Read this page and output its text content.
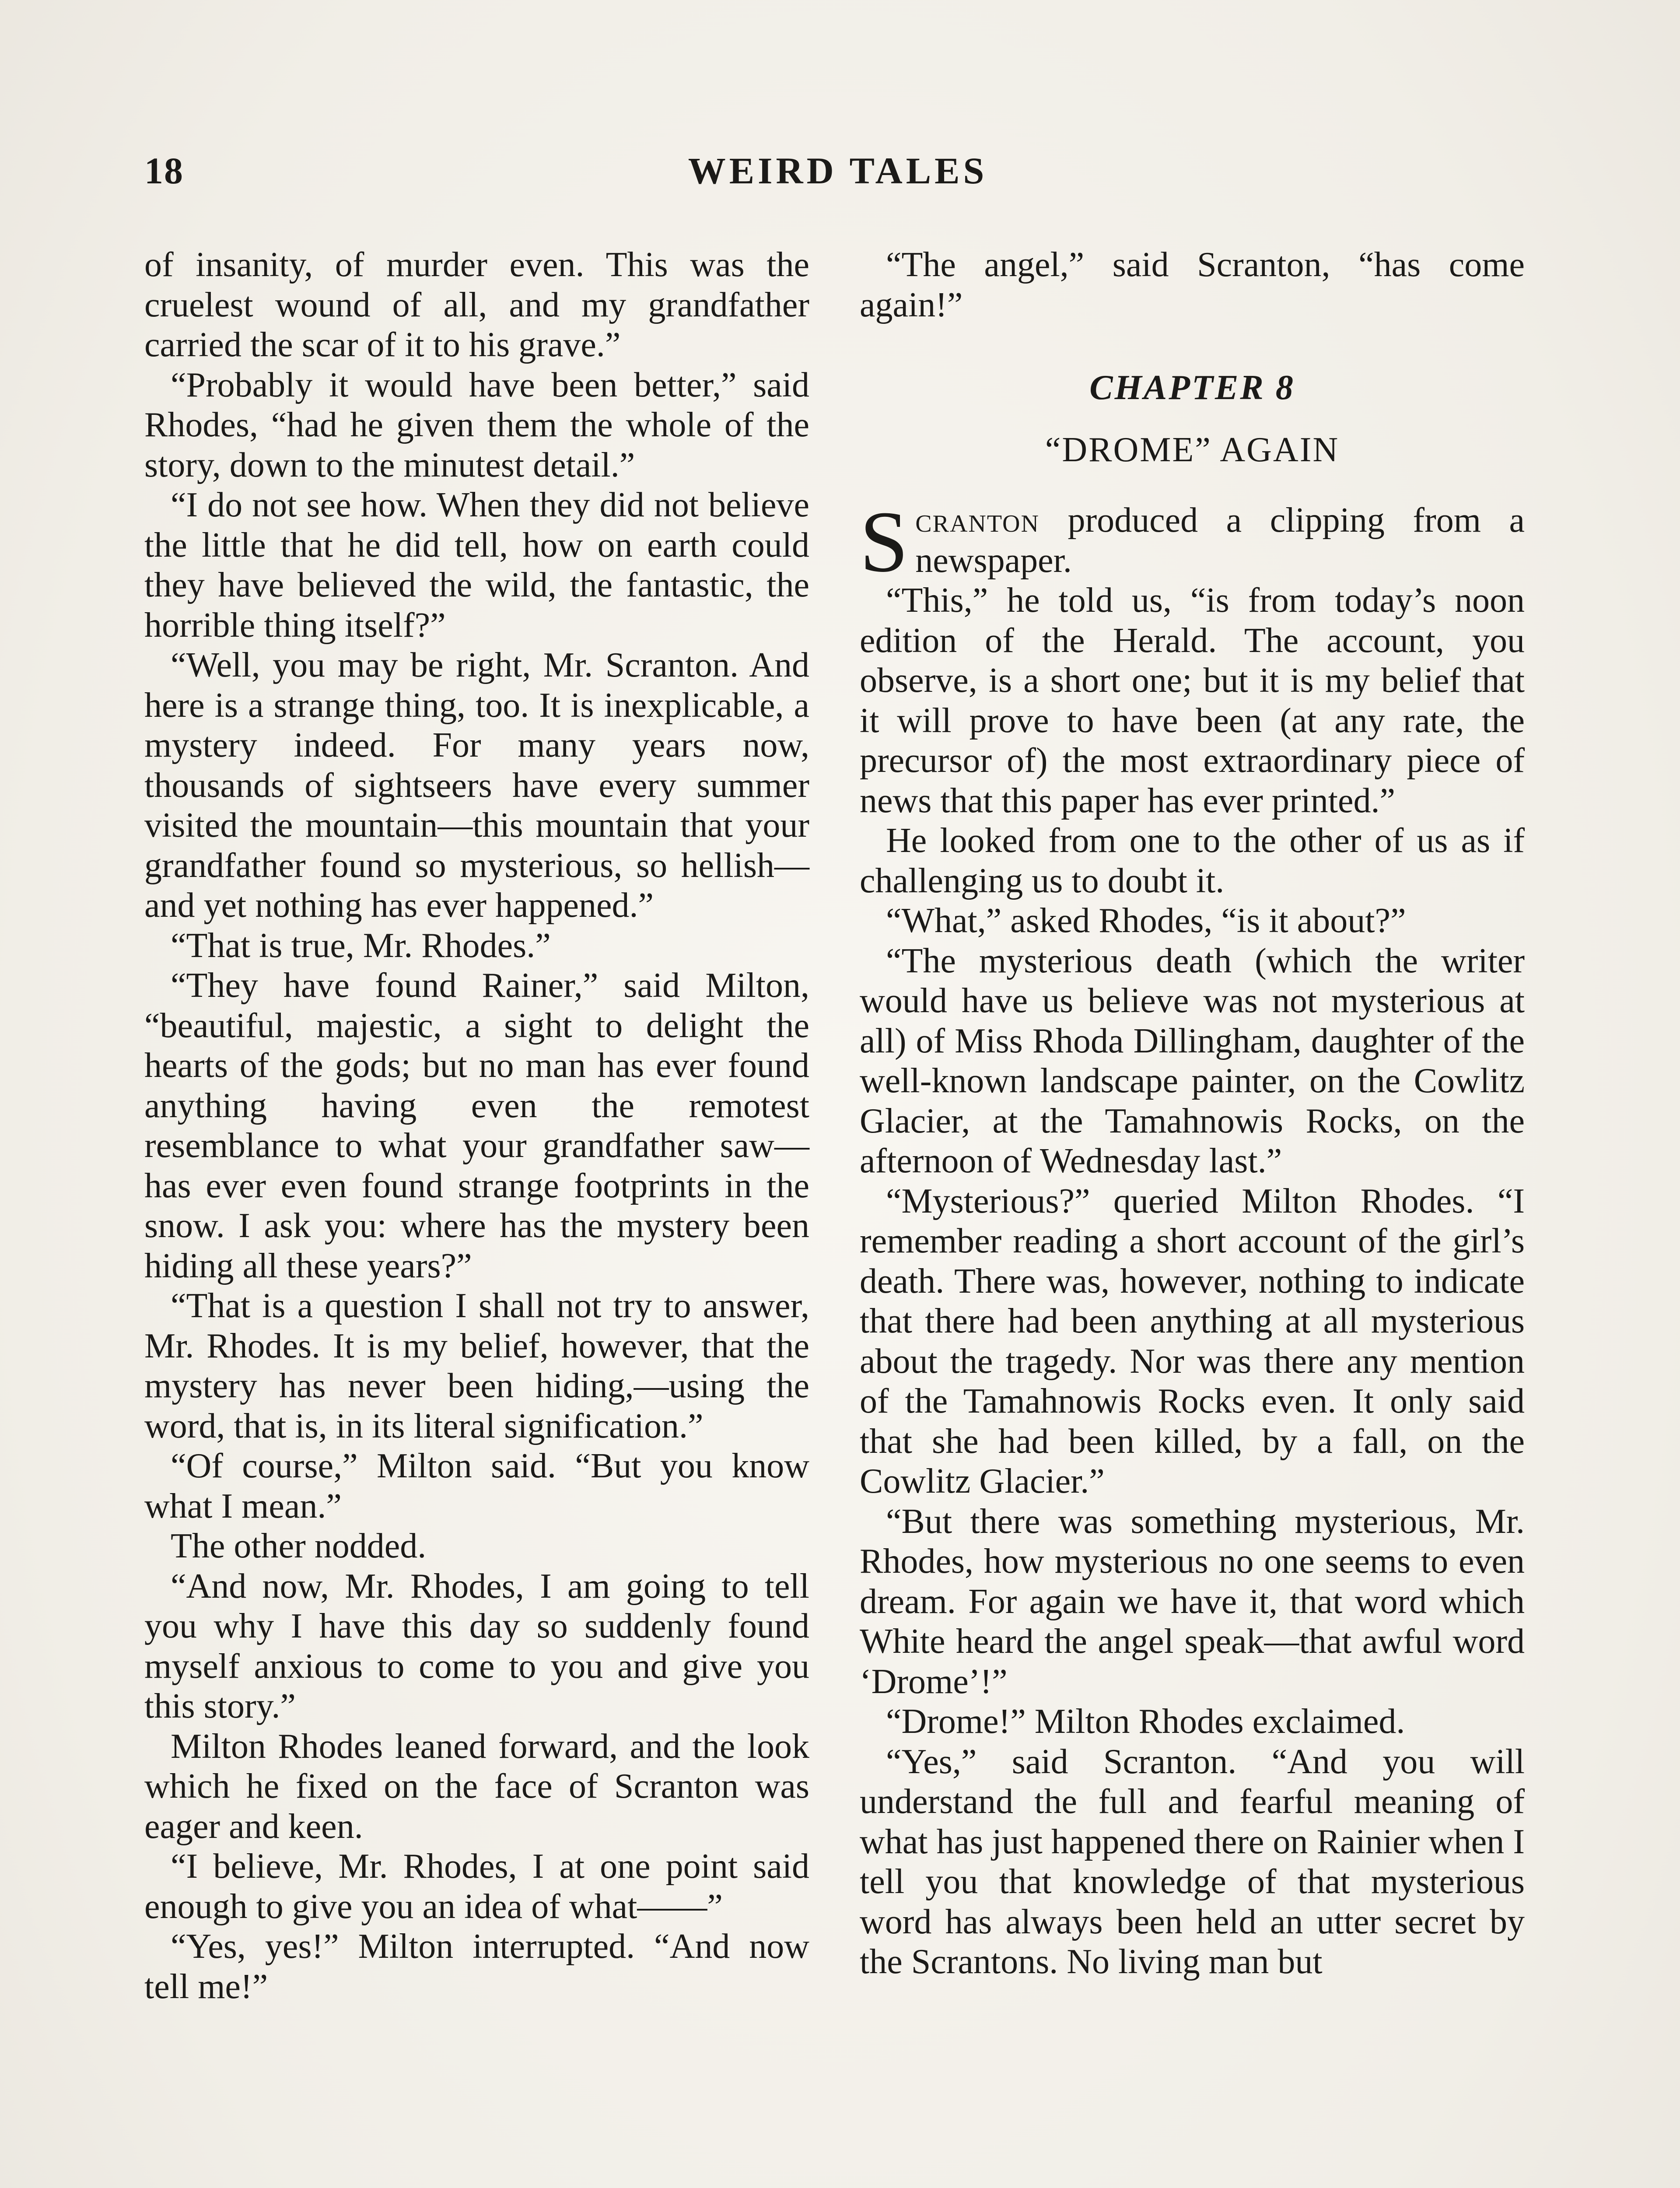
18	WEIRD TALES

of insanity, of murder even. This was the cruelest wound of all, and my grandfather carried the scar of it to his grave.”

“Probably it would have been better,” said Rhodes, “had he given them the whole of the story, down to the minutest detail.”

“I do not see how. When they did not believe the little that he did tell, how on earth could they have believed the wild, the fantastic, the horrible thing itself?”

“Well, you may be right, Mr. Scranton. And here is a strange thing, too. It is inexplicable, a mystery indeed. For many years now, thousands of sightseers have every summer visited the mountain—this mountain that your grandfather found so mysterious, so hellish—and yet nothing has ever happened.”

“That is true, Mr. Rhodes.”

“They have found Rainer,” said Milton, “beautiful, majestic, a sight to delight the hearts of the gods; but no man has ever found anything having even the remotest resemblance to what your grandfather saw—has ever even found strange footprints in the snow. I ask you: where has the mystery been hiding all these years?”

“That is a question I shall not try to answer, Mr. Rhodes. It is my belief, however, that the mystery has never been hiding,—using the word, that is, in its literal signification.”

“Of course,” Milton said. “But you know what I mean.”

The other nodded.

“And now, Mr. Rhodes, I am going to tell you why I have this day so suddenly found myself anxious to come to you and give you this story.”

Milton Rhodes leaned forward, and the look which he fixed on the face of Scranton was eager and keen.

“I believe, Mr. Rhodes, I at one point said enough to give you an idea of what——”

“Yes, yes!” Milton interrupted. “And now tell me!”

“The angel,” said Scranton, “has come again!”

CHAPTER 8
“DROME” AGAIN

Scranton produced a clipping from a newspaper.

“This,” he told us, “is from today’s noon edition of the Herald. The account, you observe, is a short one; but it is my belief that it will prove to have been (at any rate, the precursor of) the most extraordinary piece of news that this paper has ever printed.”

He looked from one to the other of us as if challenging us to doubt it.

“What,” asked Rhodes, “is it about?”

“The mysterious death (which the writer would have us believe was not mysterious at all) of Miss Rhoda Dillingham, daughter of the well-known landscape painter, on the Cowlitz Glacier, at the Tamahnowis Rocks, on the afternoon of Wednesday last.”

“Mysterious?” queried Milton Rhodes. “I remember reading a short account of the girl’s death. There was, however, nothing to indicate that there had been anything at all mysterious about the tragedy. Nor was there any mention of the Tamahnowis Rocks even. It only said that she had been killed, by a fall, on the Cowlitz Glacier.”

“But there was something mysterious, Mr. Rhodes, how mysterious no one seems to even dream. For again we have it, that word which White heard the angel speak—that awful word ‘Drome’!”

“Drome!” Milton Rhodes exclaimed.

“Yes,” said Scranton. “And you will understand the full and fearful meaning of what has just happened there on Rainier when I tell you that knowledge of that mysterious word has always been held an utter secret by the Scrantons. No living man but
